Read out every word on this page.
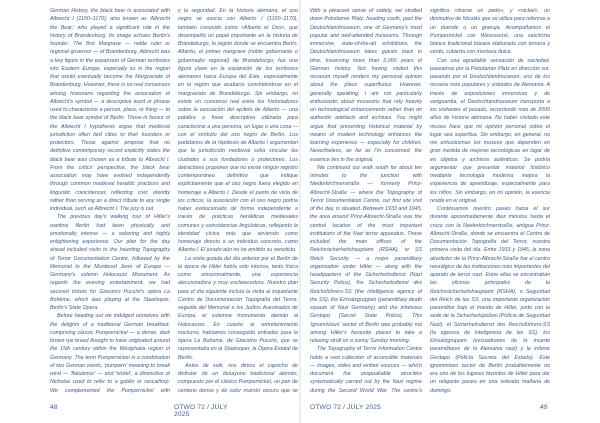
German History, the black bear is associated with Albrecht I (1100–1170), also known as 'Albrecht the Bear,' who played a significant role in the history of Brandenburg. Its image echoes Berlin's founder. The first Margrave — noble ruler or regional governor — of Brandenburg, Albrecht was a key figure in the expansion of German territories into Eastern Europe, especially so in the region that would eventually become the Margraviate of Brandenburg. However, there is no real consensus among historians regarding the association of Albrecht's symbol — a descriptive word or phrase used to characterize a person, place, or thing — to the black bear symbol of Berlin. Those in favour of the Albrecht I hypothesis argue that medieval jurisdiction often tied cities to their founders or protectors. Those against propose that no definitive contemporary record explicitly states the black bear was chosen as a tribute to Albrecht I. From the critics' perspective, the black bear association may have evolved independently through common medieval heraldic practices and linguistic coincidences reflecting civic identity rather than serving as a direct tribute to any single individual, such as Albrecht I. The jury is out.

The previous day's walking tour of Hitler's wartime Berlin had been physically and emotionally intense — a sobering and highly enlightening experience. Our plan for the day ahead included visits to the haunting Topography of Terror Documentation Centre, followed by the Memorial to the Murdered Jews of Europe — Germany's solemn Holocaust Monument. As regards the evening entertainment, we had secured tickets for Giacomo Puccini's opera La Bohème, which was playing at the Staatsoper, Berlin's State Opera.

Before heading out we indulged ourselves with the delights of a traditional German breakfast, comprising classic Pumpernickel — a dense, dark brown rye bread thought to have originated around the 15th century within the Westphalia region of Germany. The term Pumpernickel is a combination of two German words, 'pumpern' meaning to break wind — 'flatulence' — and 'nickel', a diminutive of Nicholas used to refer to a goblin or rascal/imp. We complemented the Pumpernickel with

y la seguridad. En la historia alemana, el oso negro se asocia con Alberto I (1100–1170), también conocido como «Alberto el Oso», que desempeñó un papel importante en la historia de Brandeburgo, la región donde se encuentra Berlín. Alberto, el primer margrave (noble gobernante o gobernador regional) de Brandeburgo, fue una figura clave en la expansión de los territorios alemanes hacia Europa del Este, especialmente en la región que acabaría convirtiéndose en el margraviato de Brandeburgo. Sin embargo, no existe un consenso real entre los historiadores sobre la asociación del epíteto de Alberto — una palabra o frase descriptiva utilizada para caracterizar a una persona, un lugar o una cosa — con el símbolo del oso negro de Berlín. Los partidarios de la hipótesis de Alberto I argumentan que la jurisdicción medieval solía vincular las ciudades a sus fundadores o protectores. Los detractores proponen que no existe ningún registro contemporáneo definitivo que indique explícitamente que el oso negro fuera elegido en homenaje a Alberto I. Desde el punto de vista de los críticos, la asociación con el oso negro podría haber evolucionado de forma independiente a través de prácticas heráldicas medievales comunes y coincidencias lingüísticas, reflejando la identidad cívica más que sirviendo como homenaje directo a un individuo concreto, como Alberto I. El jurado aún no ha emitido su veredicto.

La visita guiada del día anterior por el Berlín de la época de Hitler había sido intensa, tanto física como emocionalmente, una experiencia aleccionadora y muy esclarecedora. Nuestro plan para el día siguiente incluía la visita al inquietante Centro de Documentación Topografía del Terror, seguida del Memorial a los Judíos Asesinados de Europa, el solemne monumento alemán al Holocausto. En cuanto al entretenimiento nocturno, habíamos conseguido entradas para la ópera La Bohème, de Giacomo Puccini, que se representaba en la Staatsoper, la Ópera Estatal de Berlín.

Antes de salir, nos dimos el capricho de disfrutar de un desayuno tradicional alemán, compuesto por el clásico Pumpernickel, un pan de centeno denso y de color marrón oscuro que se

48	OTWO 72 / JULY 2025

With a pleasant sense of satiety, we strolled down Potsdamer Platz, heading south, past the Deutschlandmuseum, one of Germany's most popular and well-attended museums. Through immersive, state-of-the-art exhibitions, the Deutschlandmuseum takes guests back in time, traversing more than 2,000 years of German history. Not having visited this museum myself renders my personal opinion about the place superfluous. However, generally speaking, I am not particularly enthusiastic about museums that rely heavily on technological enhancements rather than on authentic artefacts and archives. You might argue that presenting historical material by means of modern technology enhances the learning experience — especially for children. Nevertheless, as far as I'm concerned, the essence lies in the original.

We continued our walk south for about ten minutes to the junction with Niederkirchnerstraße — formerly Prinz-Albrecht-Straße — where the Topography of Terror Documentation Centre, our first site visit of the day, is situated. Between 1933 and 1945, the area around Prinz-Albrecht-Straße was the central location of the most important institutions of the Nazi terror apparatus. These included the main offices of the Reichssicherheitshauptamt (RSHA), or SS Reich Security — a major paramilitary organisation under Hitler — along with the headquarters of the Sicherheitsdienst (Nazi Security Police), the Sicherheitsdienst des Reichsführers-SS (the intelligence agency of the SS), the Einsatzgruppen (paramilitary death squads of Nazi Germany) and the infamous Gestapo (Secret State Police). This 'ignominious' sector of Berlin was probably not among Hitler's favourite places to take a relaxing stroll on a sunny Sunday morning.

The Topography of Terror Information Centre holds a vast collection of accessible materials — images, video and written sources — which document the unspeakable atrocities systematically carried out by the Nazi regime during the Second World War. The centre's

significa «tirarse un pedo», y «nickel», un diminutivo de Nicolás que se utiliza para referirse a un duende o un granuja. Acompañamos el Pumpernickel con Weisswurst, una salchicha blanca tradicional bávara elaborada con ternera y cerdo, cubierta con mostaza dulce.

Con una agradable sensación de saciedad, paseamos por la Potsdamer Platz en dirección sur, pasando por el Deutschlandmuseum, uno de los museos más populares y visitados de Alemania. A través de exposiciones inmersivas y de vanguardia, el Deutschlandmuseum transporta a los visitantes al pasado, recorriendo más de 2000 años de historia alemana. No haber visitado este museo hace que mi opinión personal sobre el lugar sea superflua. Sin embargo, en general, no me entusiasman los museos que dependen en gran medida de mejoras tecnológicas en lugar de en objetos y archivos auténticos. Se podría argumentar que presentar material histórico mediante tecnología moderna mejora la experiencia de aprendizaje, especialmente para los niños. Sin embargo, en mi opinión, la esencia reside en el original.

Continuamos nuestro paseo hacia el sur durante aproximadamente diez minutos hasta el cruce con la Niederkirchnerstraße, antigua Prinz-Albrecht-Straße, donde se encuentra el Centro de Documentación Topografía del Terror, nuestra primera visita del día. Entre 1933 y 1945, la zona alrededor de la Prinz-Albrecht-Straße fue el centro neurálgico de las instituciones más importantes del aparato de terror nazi. Entre ellas se encontraban las oficinas principales de la Reichssicherheitshauptamt (RSHA), o Seguridad del Reich de las SS, una importante organización paramilitar bajo el mando de Hitler, junto con la sede de la Sicherheitspolizei (Policía de Seguridad Nazi), el Sicherheitsdienst des Reichsführers-SS (la agencia de inteligencia de las SS), los Einsatzgruppen (escuadrones de la muerte paramilitares de la Alemania nazi) y la infame Gestapo (Policía Secreta del Estado). Este ignominioso sector de Berlín probablemente no era uno de los lugares favoritos de Hitler para dar un relajante paseo en una soleada mañana de domingo.

OTWO 72 / JULY 2025	49
